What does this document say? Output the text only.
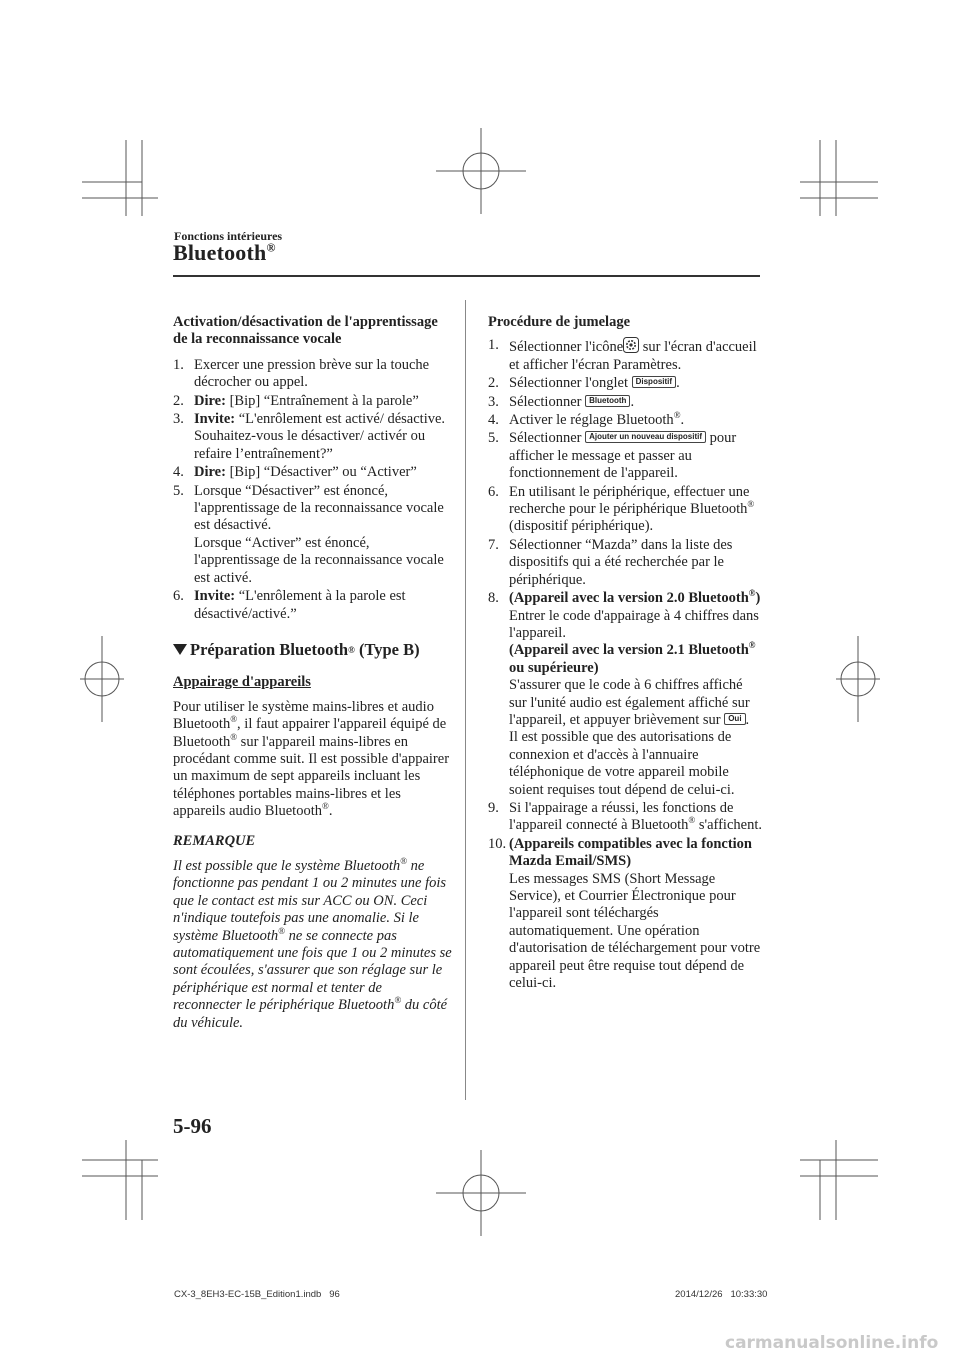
Fonctions intérieures
Bluetooth®
Activation/désactivation de l'apprentissage de la reconnaissance vocale
1. Exercer une pression brève sur la touche décrocher ou appel.
2. Dire: [Bip] “Entraînement à la parole”
3. Invite: “L'enrôlement est activé/ désactive. Souhaitez-vous le désactiver/ activér ou refaire l’entraînement?”
4. Dire: [Bip] “Désactiver” ou “Activer”
5. Lorsque “Désactiver” est énoncé, l'apprentissage de la reconnaissance vocale est désactivé.
Lorsque “Activer” est énoncé, l'apprentissage de la reconnaissance vocale est activé.
6. Invite: “L'enrôlement à la parole est désactivé/activé.”
Préparation Bluetooth ® (Type B)
Appairage d'appareils

Pour utiliser le système mains-libres et audio Bluetooth®, il faut appairer l'appareil équipé de Bluetooth® sur l'appareil mains-libres en procédant comme suit. Il est possible d'appairer un maximum de sept appareils incluant les téléphones portables mains-libres et les appareils audio Bluetooth®.

REMARQUE
Il est possible que le système Bluetooth® ne fonctionne pas pendant 1 ou 2 minutes une fois que le contact est mis sur ACC ou ON. Ceci n'indique toutefois pas une anomalie. Si le système Bluetooth® ne se connecte pas automatiquement une fois que 1 ou 2 minutes se sont écoulées, s'assurer que son réglage sur le périphérique est normal et tenter de reconnecter le périphérique Bluetooth® du côté du véhicule.
Procédure de jumelage
1. Sélectionner l'icône sur l'écran d'accueil et afficher l'écran Paramètres.
2. Sélectionner l'onglet Dispositif .
3. Sélectionner Bluetooth .
4. Activer le réglage Bluetooth®.
5. Sélectionner Ajouter un nouveau dispositif pour afficher le message et passer au fonctionnement de l'appareil.
6. En utilisant le périphérique, effectuer une recherche pour le périphérique Bluetooth® (dispositif périphérique).
7. Sélectionner “Mazda” dans la liste des dispositifs qui a été recherchée par le périphérique.
8. (Appareil avec la version 2.0 Bluetooth®)
Entrer le code d'appairage à 4 chiffres dans l'appareil.
(Appareil avec la version 2.1 Bluetooth® ou supérieure)
S'assurer que le code à 6 chiffres affiché sur l'unité audio est également affiché sur l'appareil, et appuyer brièvement sur Oui .
Il est possible que des autorisations de connexion et d'accès à l'annuaire téléphonique de votre appareil mobile soient requises tout dépend de celui-ci.
9. Si l'appairage a réussi, les fonctions de l'appareil connecté à Bluetooth® s'affichent.
10. (Appareils compatibles avec la fonction Mazda Email/SMS)
Les messages SMS (Short Message Service), et Courrier Électronique pour l'appareil sont téléchargés automatiquement. Une opération d'autorisation de téléchargement pour votre appareil peut être requise tout dépend de celui-ci.
5-96
CX-3_8EH3-EC-15B_Edition1.indb   96	2014/12/26   10:33:30
carmanualsonline.info
